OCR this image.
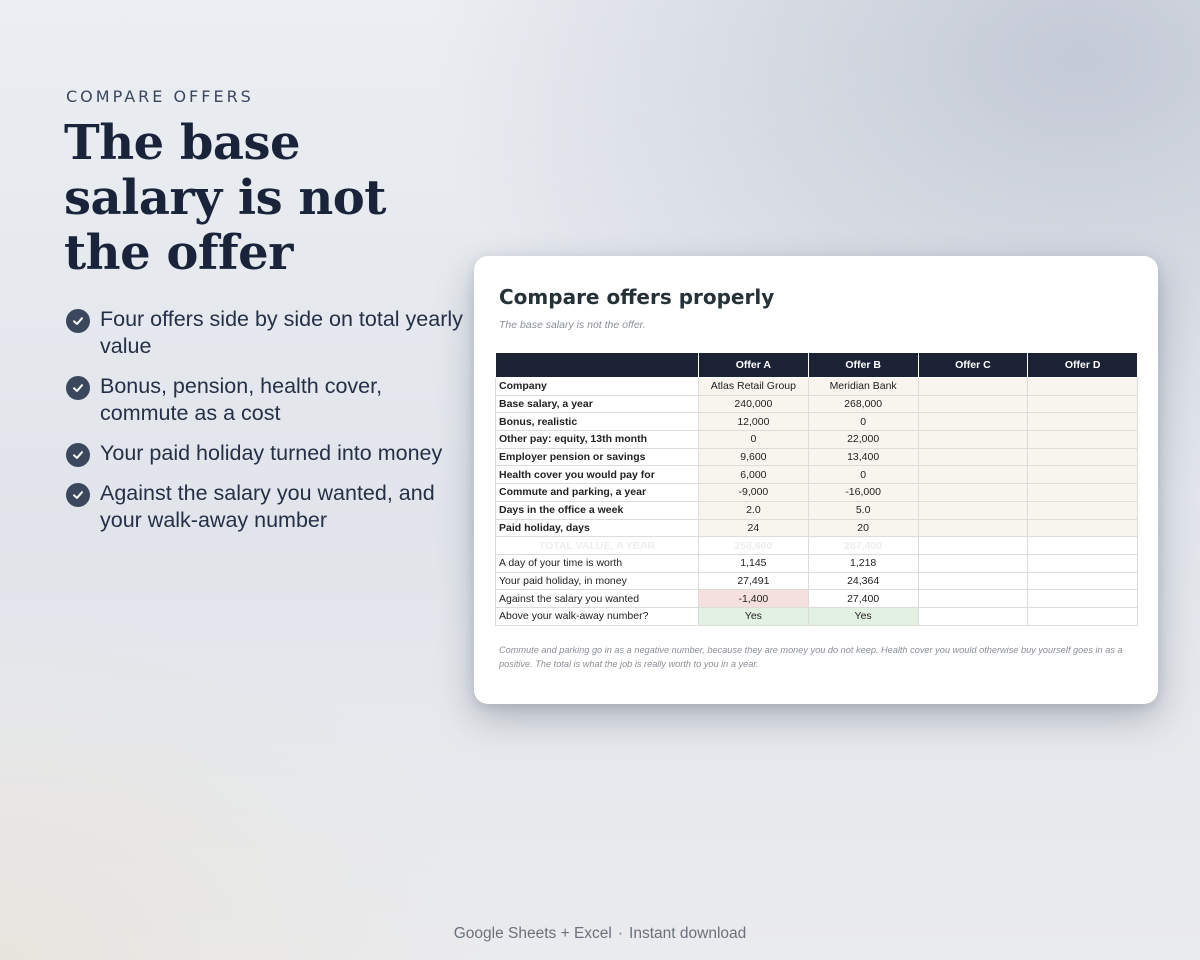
COMPARE OFFERS
The base salary is not the offer
Four offers side by side on total yearly value
Bonus, pension, health cover, commute as a cost
Your paid holiday turned into money
Against the salary you wanted, and your walk-away number
Compare offers properly
The base salary is not the offer.
	Offer A	Offer B	Offer C	Offer D
Company	Atlas Retail Group	Meridian Bank		
Base salary, a year	240,000	268,000		
Bonus, realistic	12,000	0		
Other pay: equity, 13th month	0	22,000		
Employer pension or savings	9,600	13,400		
Health cover you would pay for	6,000	0		
Commute and parking, a year	-9,000	-16,000		
Days in the office a week	2.0	5.0		
Paid holiday, days	24	20		
TOTAL VALUE, A YEAR	258,600	287,400		
A day of your time is worth	1,145	1,218		
Your paid holiday, in money	27,491	24,364		
Against the salary you wanted	-1,400	27,400		
Above your walk-away number?	Yes	Yes		

Commute and parking go in as a negative number, because they are money you do not keep. Health cover you would otherwise buy yourself goes in as a positive. The total is what the job is really worth to you in a year.

Google Sheets + Excel · Instant download
